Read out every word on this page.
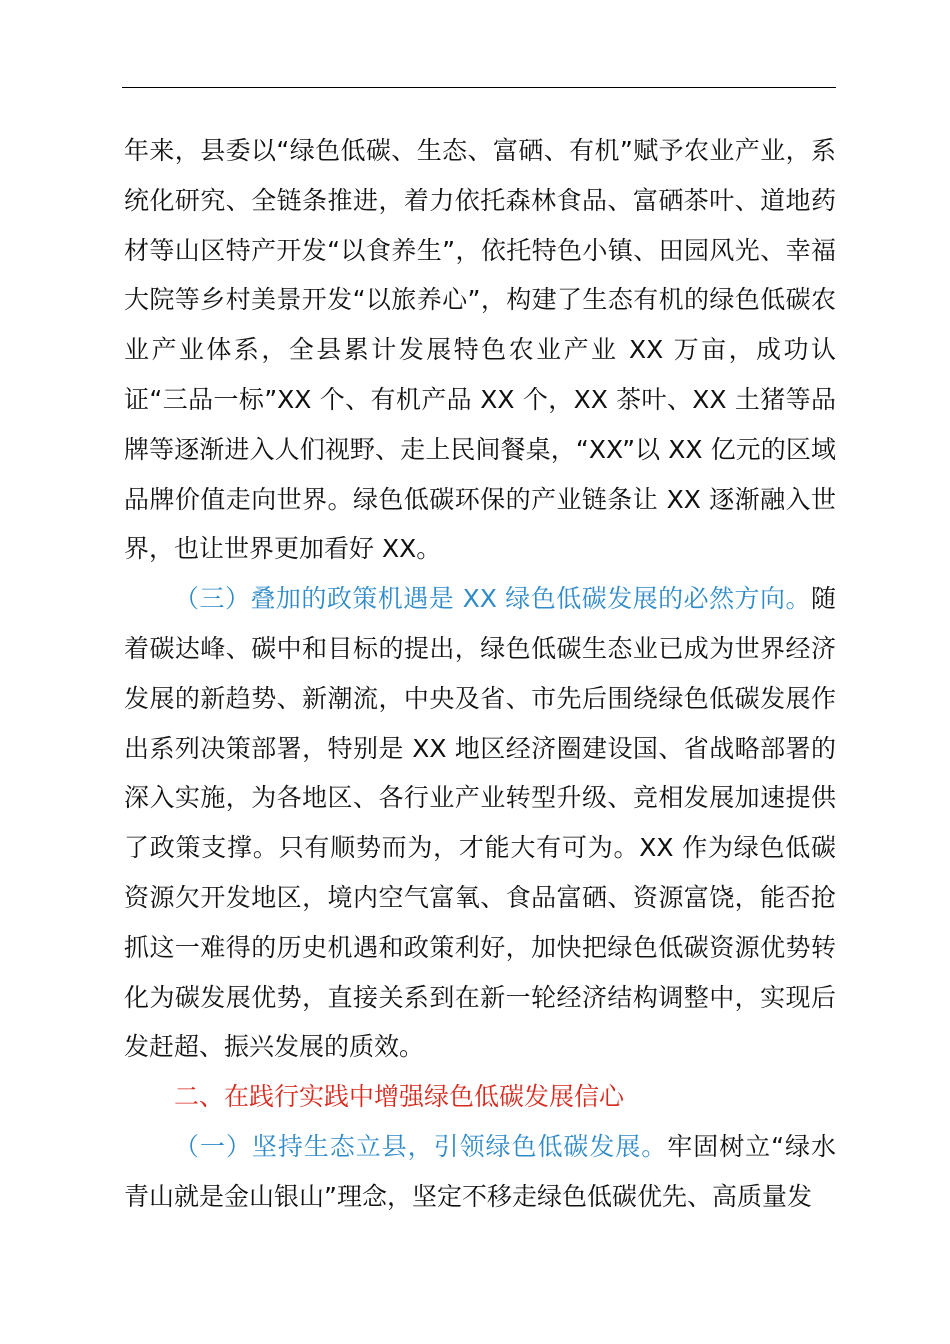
年来，县委以“绿色低碳、生态、富硒、有机”赋予农业产业，系统化研究、全链条推进，着力依托森林食品、富硒茶叶、道地药材等山区特产开发“以食养生”，依托特色小镇、田园风光、幸福大院等乡村美景开发“以旅养心”，构建了生态有机的绿色低碳农业产业体系，全县累计发展特色农业产业 XX 万亩，成功认证“三品一标”XX 个、有机产品 XX 个，XX 茶叶、XX 土猪等品牌等逐渐进入人们视野、走上民间餐桌，“XX”以 XX 亿元的区域品牌价值走向世界。绿色低碳环保的产业链条让 XX 逐渐融入世界，也让世界更加看好 XX。

（三）叠加的政策机遇是 XX 绿色低碳发展的必然方向。随着碳达峰、碳中和目标的提出，绿色低碳生态业已成为世界经济发展的新趋势、新潮流，中央及省、市先后围绕绿色低碳发展作出系列决策部署，特别是 XX 地区经济圈建设国、省战略部署的深入实施，为各地区、各行业产业转型升级、竞相发展加速提供了政策支撑。只有顺势而为，才能大有可为。XX 作为绿色低碳资源欠开发地区，境内空气富氧、食品富硒、资源富饶，能否抢抓这一难得的历史机遇和政策利好，加快把绿色低碳资源优势转化为碳发展优势，直接关系到在新一轮经济结构调整中，实现后发赶超、振兴发展的质效。

二、在践行实践中增强绿色低碳发展信心

（一）坚持生态立县，引领绿色低碳发展。牢固树立“绿水青山就是金山银山”理念，坚定不移走绿色低碳优先、高质量发
